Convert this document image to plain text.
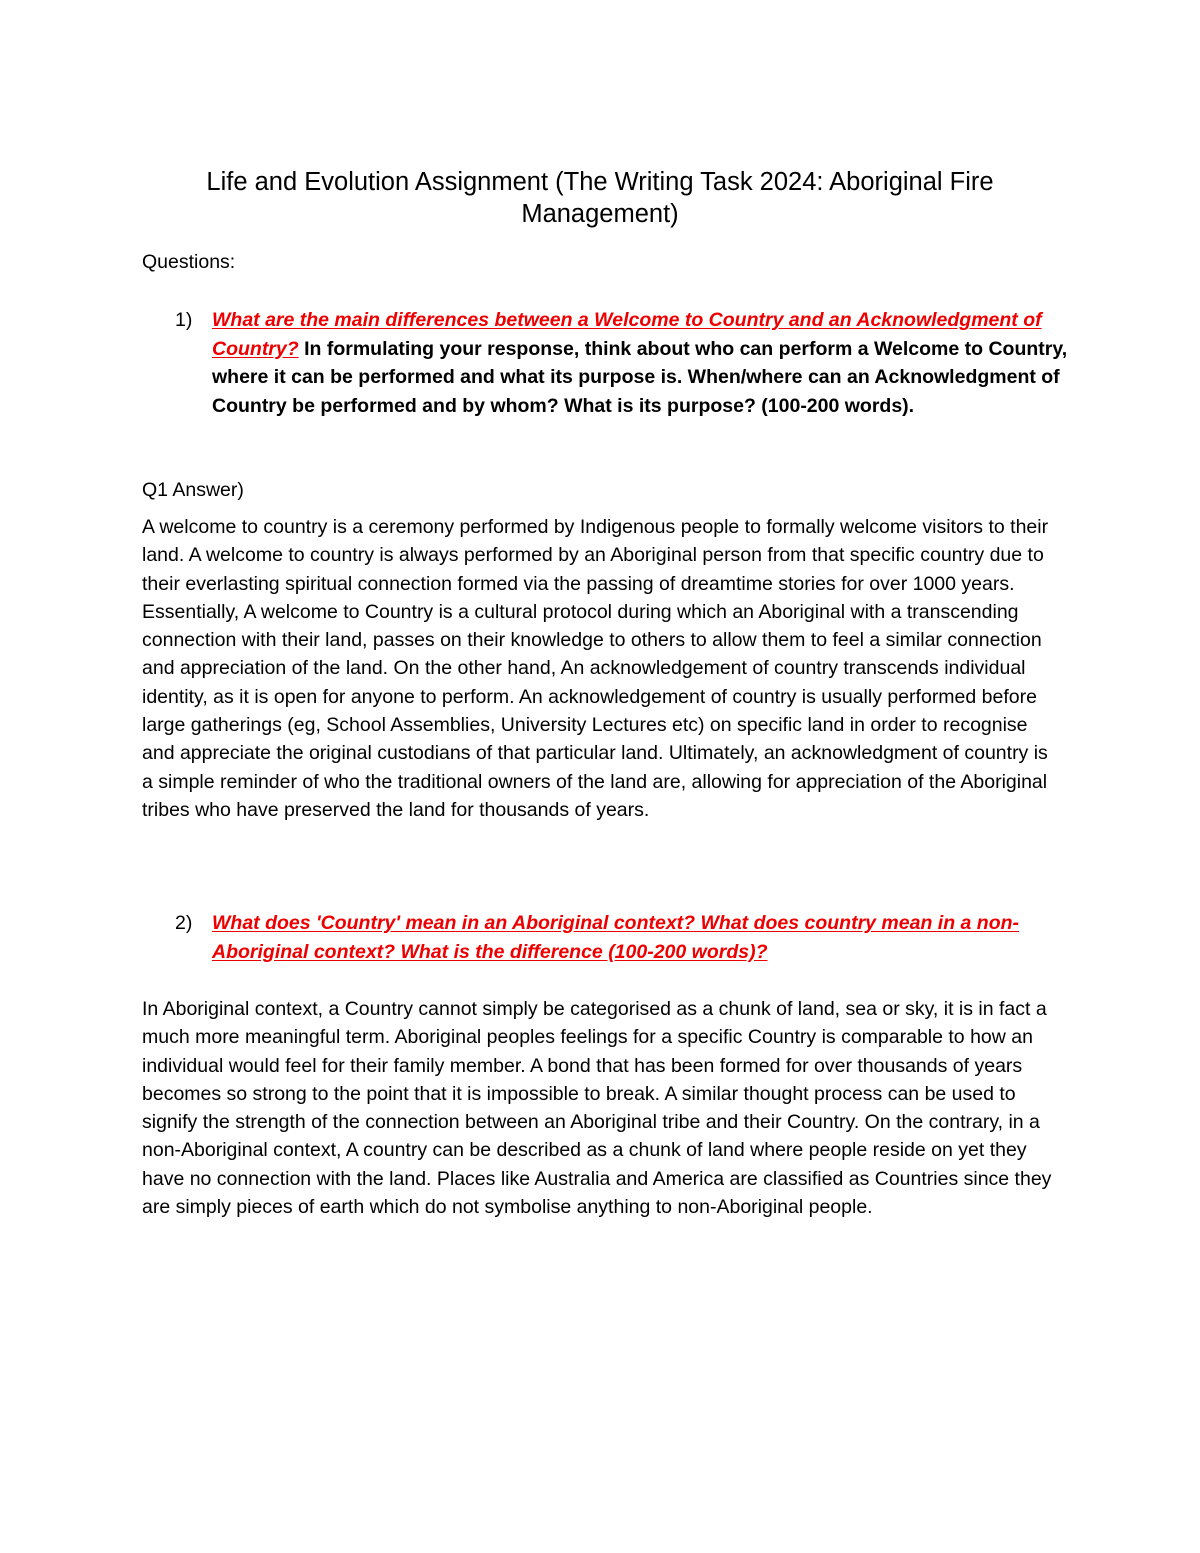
Life and Evolution Assignment (The Writing Task 2024: Aboriginal Fire Management)

Questions:

1) What are the main differences between a Welcome to Country and an Acknowledgment of Country? In formulating your response, think about who can perform a Welcome to Country, where it can be performed and what its purpose is. When/where can an Acknowledgment of Country be performed and by whom? What is its purpose? (100-200 words).

Q1 Answer)

A welcome to country is a ceremony performed by Indigenous people to formally welcome visitors to their land. A welcome to country is always performed by an Aboriginal person from that specific country due to their everlasting spiritual connection formed via the passing of dreamtime stories for over 1000 years. Essentially, A welcome to Country is a cultural protocol during which an Aboriginal with a transcending connection with their land, passes on their knowledge to others to allow them to feel a similar connection and appreciation of the land. On the other hand, An acknowledgement of country transcends individual identity, as it is open for anyone to perform. An acknowledgement of country is usually performed before large gatherings (eg, School Assemblies, University Lectures etc) on specific land in order to recognise and appreciate the original custodians of that particular land. Ultimately, an acknowledgment of country is a simple reminder of who the traditional owners of the land are, allowing for appreciation of the Aboriginal tribes who have preserved the land for thousands of years.

2) What does 'Country' mean in an Aboriginal context? What does country mean in a non-Aboriginal context? What is the difference (100-200 words)?

In Aboriginal context, a Country cannot simply be categorised as a chunk of land, sea or sky, it is in fact a much more meaningful term. Aboriginal peoples feelings for a specific Country is comparable to how an individual would feel for their family member. A bond that has been formed for over thousands of years becomes so strong to the point that it is impossible to break. A similar thought process can be used to signify the strength of the connection between an Aboriginal tribe and their Country. On the contrary, in a non-Aboriginal context, A country can be described as a chunk of land where people reside on yet they have no connection with the land. Places like Australia and America are classified as Countries since they are simply pieces of earth which do not symbolise anything to non-Aboriginal people.
